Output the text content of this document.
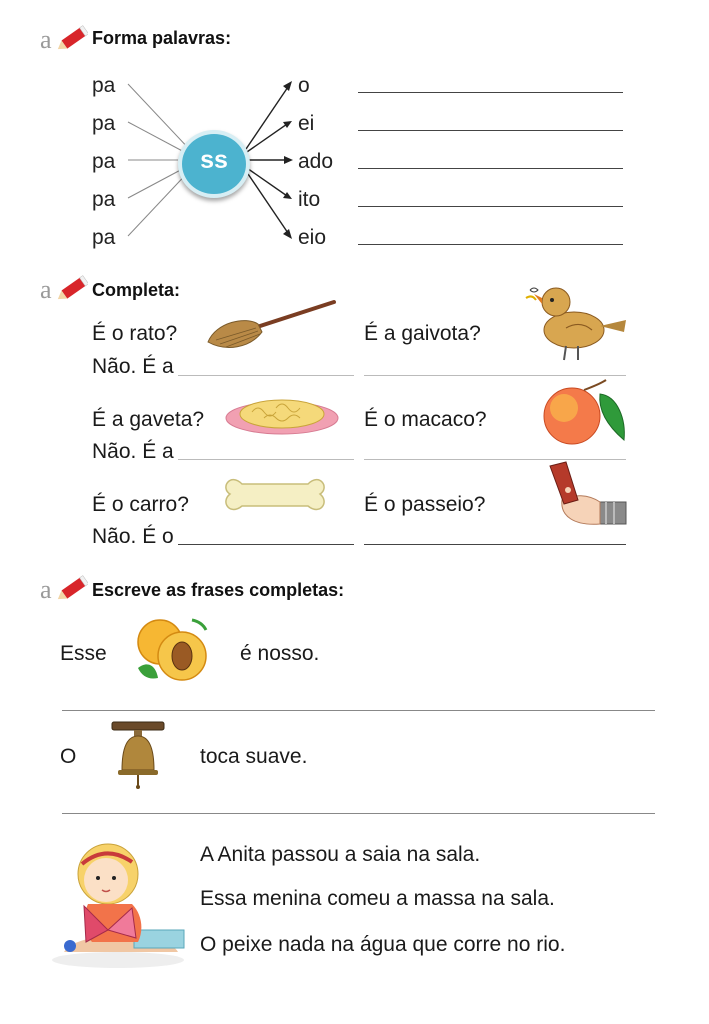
a Forma palavras:
ss
pa
pa
pa
pa
pa
o
ei
ado
ito
eio
a Completa:
É o rato?
Não. É a
É a gaivota?
É a gaveta?
Não. É a
É o macaco?
É o carro?
Não. É o
É o passeio?
a Escreve as frases completas:
Esse	é nosso.
O	toca suave.
A Anita passou a saia na sala.
Essa menina comeu a massa na sala.
O peixe nada na água que corre no rio.
